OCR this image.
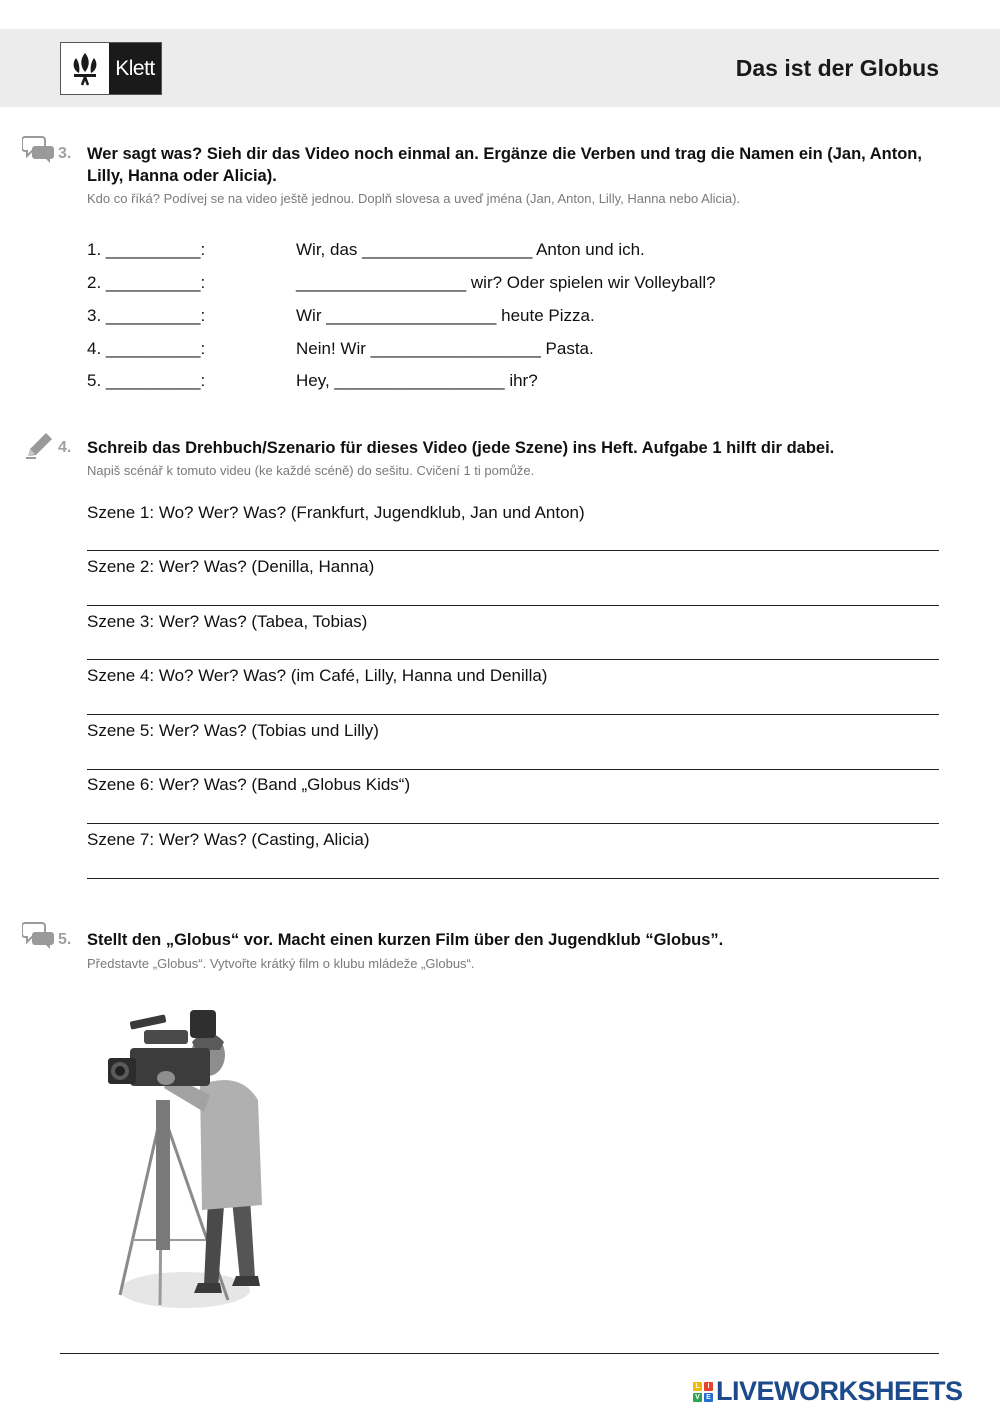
Klett	Das ist der Globus
3. Wer sagt was? Sieh dir das Video noch einmal an. Ergänze die Verben und trag die Namen ein (Jan, Anton, Lilly, Hanna oder Alicia).
Kdo co říká? Podívej se na video ještě jednou. Doplň slovesa a uveď jména (Jan, Anton, Lilly, Hanna nebo Alicia).
1. __________:	Wir, das __________________ Anton und ich.
2. __________:	__________________ wir? Oder spielen wir Volleyball?
3. __________:	Wir __________________ heute Pizza.
4. __________:	Nein! Wir __________________ Pasta.
5. __________:	Hey, __________________ ihr?
4. Schreib das Drehbuch/Szenario für dieses Video (jede Szene) ins Heft. Aufgabe 1 hilft dir dabei.
Napiš scénář k tomuto videu (ke každé scéně) do sešitu. Cvičení 1 ti pomůže.
Szene 1: Wo? Wer? Was? (Frankfurt, Jugendklub, Jan und Anton)
Szene 2: Wer? Was? (Denilla, Hanna)
Szene 3: Wer? Was? (Tabea, Tobias)
Szene 4: Wo? Wer? Was? (im Café, Lilly, Hanna und Denilla)
Szene 5: Wer? Was? (Tobias und Lilly)
Szene 6: Wer? Was? (Band „Globus Kids“)
Szene 7: Wer? Was? (Casting, Alicia)
5. Stellt den „Globus“ vor. Macht einen kurzen Film über den Jugendklub “Globus”.
Představte „Globus“. Vytvořte krátký film o klubu mládeže „Globus“.
L	I
V E LIVEWORKSHEETS
